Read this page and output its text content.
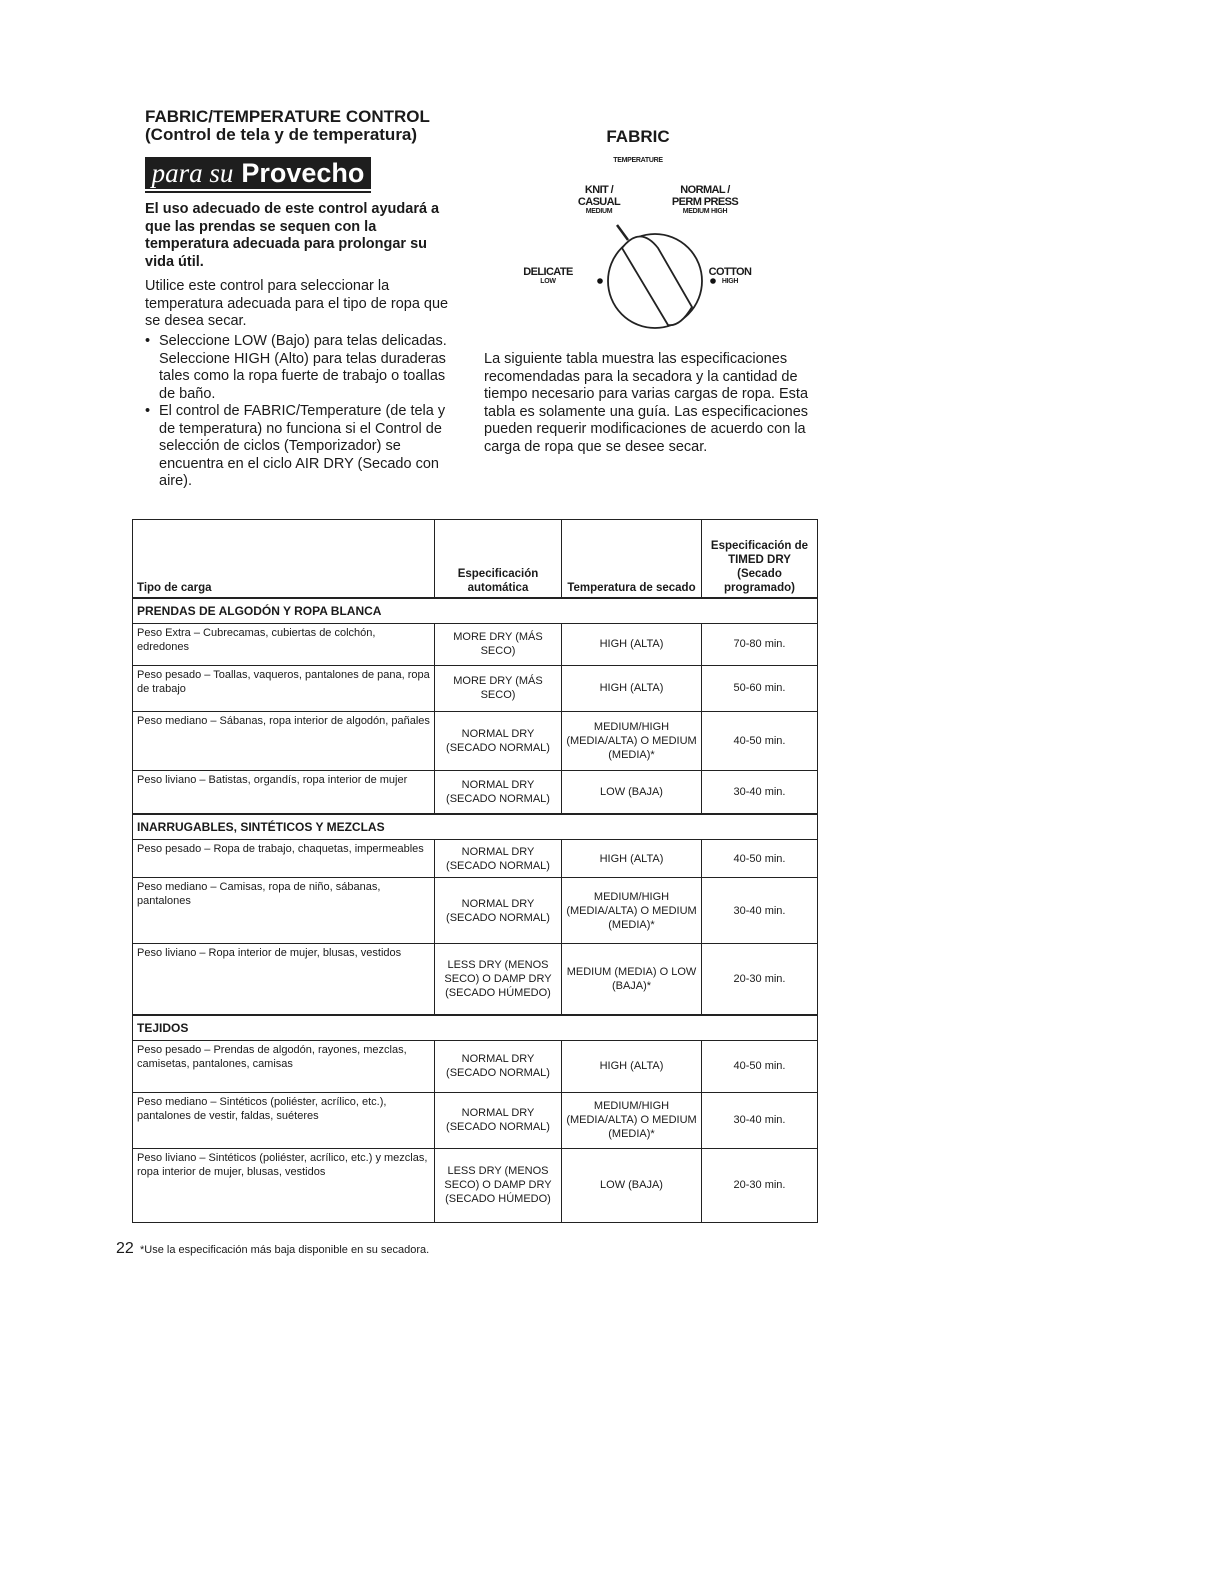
FABRIC/TEMPERATURE CONTROL
(Control de tela y de temperatura)
para su Provecho
El uso adecuado de este control ayudará a que las prendas se sequen con la temperatura adecuada para prolongar su vida útil.
Utilice este control para seleccionar la temperatura adecuada para el tipo de ropa que se desea secar.
• Seleccione LOW (Bajo) para telas delicadas. Seleccione HIGH (Alto) para telas duraderas tales como la ropa fuerte de trabajo o toallas de baño.
• El control de FABRIC/Temperature (de tela y de temperatura) no funciona si el Control de selección de ciclos (Temporizador) se encuentra en el ciclo AIR DRY (Secado con aire).
FABRIC
TEMPERATURE
KNIT /
CASUAL
MEDIUM
NORMAL /
PERM PRESS
MEDIUM HIGH
DELICATE
LOW
COTTON
HIGH
La siguiente tabla muestra las especificaciones recomendadas para la secadora y la cantidad de tiempo necesario para varias cargas de ropa. Esta tabla es solamente una guía. Las especificaciones pueden requerir modificaciones de acuerdo con la carga de ropa que se desee secar.
Tipo de carga	Especificación automática	Temperatura de secado	Especificación de TIMED DRY (Secado programado)
PRENDAS DE ALGODÓN Y ROPA BLANCA			
Peso Extra – Cubrecamas, cubiertas de colchón, edredones	MORE DRY (MÁS SECO)	HIGH (ALTA)	70-80 min.
Peso pesado – Toallas, vaqueros, pantalones de pana, ropa de trabajo	MORE DRY (MÁS SECO)	HIGH (ALTA)	50-60 min.
Peso mediano – Sábanas, ropa interior de algodón, pañales	NORMAL DRY (SECADO NORMAL)	MEDIUM/HIGH (MEDIA/ALTA) O MEDIUM (MEDIA)*	40-50 min.
Peso liviano – Batistas, organdís, ropa interior de mujer	NORMAL DRY (SECADO NORMAL)	LOW (BAJA)	30-40 min.
INARRUGABLES, SINTÉTICOS Y MEZCLAS			
Peso pesado – Ropa de trabajo, chaquetas, impermeables	NORMAL DRY (SECADO NORMAL)	HIGH (ALTA)	40-50 min.
Peso mediano – Camisas, ropa de niño, sábanas, pantalones	NORMAL DRY (SECADO NORMAL)	MEDIUM/HIGH (MEDIA/ALTA) O MEDIUM (MEDIA)*	30-40 min.
Peso liviano – Ropa interior de mujer, blusas, vestidos	LESS DRY (MENOS SECO) O DAMP DRY (SECADO HÚMEDO)	MEDIUM (MEDIA) O LOW (BAJA)*	20-30 min.
TEJIDOS			
Peso pesado – Prendas de algodón, rayones, mezclas, camisetas, pantalones, camisas	NORMAL DRY (SECADO NORMAL)	HIGH (ALTA)	40-50 min.
Peso mediano – Sintéticos (poliéster, acrílico, etc.), pantalones de vestir, faldas, suéteres	NORMAL DRY (SECADO NORMAL)	MEDIUM/HIGH (MEDIA/ALTA) O MEDIUM (MEDIA)*	30-40 min.
Peso liviano – Sintéticos (poliéster, acrílico, etc.) y mezclas, ropa interior de mujer, blusas, vestidos	LESS DRY (MENOS SECO) O DAMP DRY (SECADO HÚMEDO)	LOW (BAJA)	20-30 min.
22 *Use la especificación más baja disponible en su secadora.
